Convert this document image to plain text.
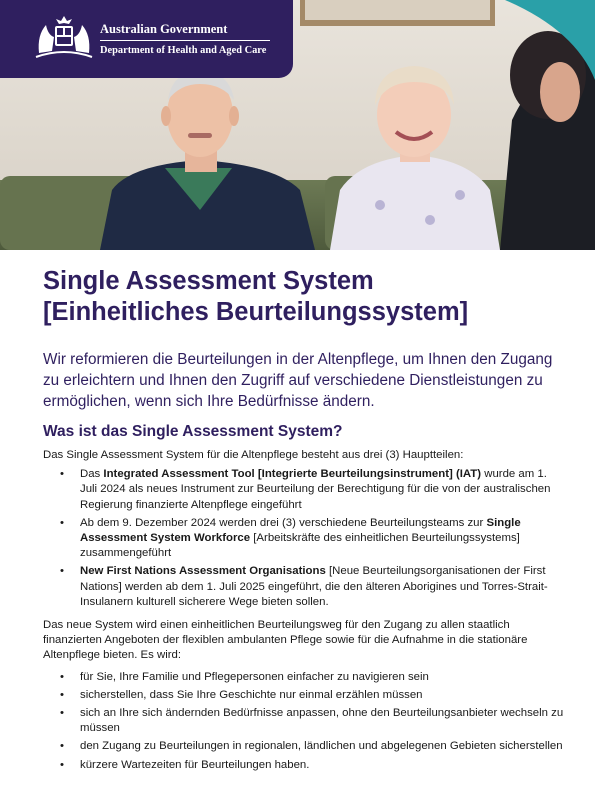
Australian Government
Department of Health and Aged Care
Single Assessment System
[Einheitliches Beurteilungssystem]

Wir reformieren die Beurteilungen in der Altenpflege, um Ihnen den Zugang zu erleichtern und Ihnen den Zugriff auf verschiedene Dienstleistungen zu ermöglichen, wenn sich Ihre Bedürfnisse ändern.

Was ist das Single Assessment System?

Das Single Assessment System für die Altenpflege besteht aus drei (3) Hauptteilen:

• Das Integrated Assessment Tool [Integrierte Beurteilungsinstrument] (IAT) wurde am 1. Juli 2024 als neues Instrument zur Beurteilung der Berechtigung für die von der australischen Regierung finanzierte Altenpflege eingeführt
• Ab dem 9. Dezember 2024 werden drei (3) verschiedene Beurteilungsteams zur Single Assessment System Workforce [Arbeitskräfte des einheitlichen Beurteilungssystems] zusammengeführt
• New First Nations Assessment Organisations [Neue Beurteilungsorganisationen der First Nations] werden ab dem 1. Juli 2025 eingeführt, die den älteren Aborigines und Torres-Strait-Insulanern kulturell sicherere Wege bieten sollen.

Das neue System wird einen einheitlichen Beurteilungsweg für den Zugang zu allen staatlich finanzierten Angeboten der flexiblen ambulanten Pflege sowie für die Aufnahme in die stationäre Altenpflege bieten. Es wird:

• für Sie, Ihre Familie und Pflegepersonen einfacher zu navigieren sein
• sicherstellen, dass Sie Ihre Geschichte nur einmal erzählen müssen
• sich an Ihre sich ändernden Bedürfnisse anpassen, ohne den Beurteilungsanbieter wechseln zu müssen
• den Zugang zu Beurteilungen in regionalen, ländlichen und abgelegenen Gebieten sicherstellen
• kürzere Wartezeiten für Beurteilungen haben.
